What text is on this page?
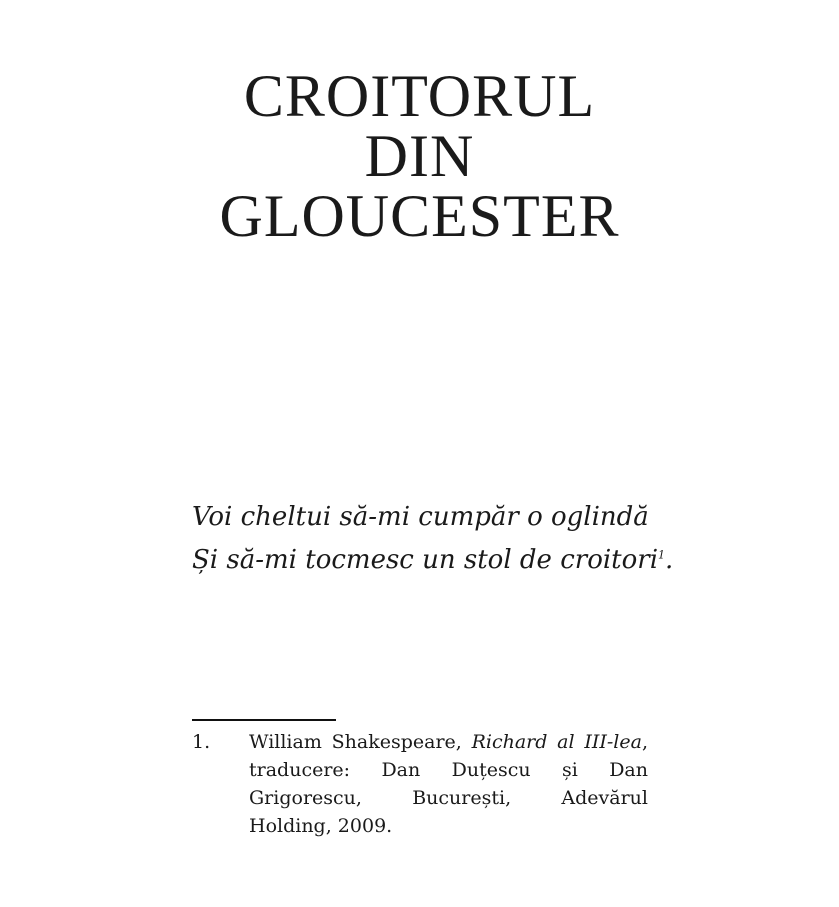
CROITORUL
DIN
GLOUCESTER
Voi cheltui să-mi cumpăr o oglindă
Și să-mi tocmesc un stol de croitori$^1$.
1. William Shakespeare, Richard al III-lea, traducere: Dan Duțescu și Dan Grigorescu, București, Adevărul Holding, 2009.
